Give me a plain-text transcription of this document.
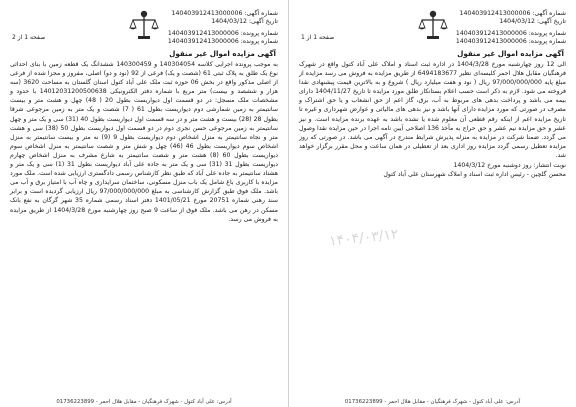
شماره آگهی: 140403912413000006
تاریخ آگهی: 1404/03/12
شماره پرونده: 140403912413000006
شماره پرونده: 140403912413000006
صفحه 1 از 1
آگهی مزایده اموال غیر منقول
الی 12 روز چهارشنبه مورخ 1404/3/28 در اداره ثبت اسناد و املاک علی آباد کتول واقع در شهرک فرهنگیان مقابل هلال احمر کلیسه‌ای نظیر 6494183677 از طریق مزایده به فروش می رسد مزایده از مبلغ پایه 97/000/000/000 ریال ( نود و هفت میلیارد ریال ) شروع و به بالاترین قیمت پیشنهادی نقدا فروخته می شود. لازم به ذکر است حسب اعلام بستانکار طلق مورد مزایده تا تاریخ 1404/11/27 دارای بیمه می باشد و پرداخت بدهی های مربوط به آب، برق، گاز اعم از حق انشعاب و یا حق اشتراک و مصرف در صورتی که مورد مزایده دارای آنها باشد و نیز بدهی های مالیاتی و عوارض شهرداری و غیره تا تاریخ مزایده اعم از اینکه رقم قطعی آن معلوم شده یا نشده باشد به عهده برنده مزایده است. و نیز عشر و حق مزایده نیم عشر و حق حراج به مأخذ 136 اصلاحی آیین نامه اجرا در حین مزایده نقدا وصول می گردد. ضمنا شرکت در مزایده به منزله پذیرش شرایط مندرج در آگهی می باشد. در صورتی که روز مزایده تعطیل رسمی گردد مزایده روز اداری بعد از تعطیلی در همان ساعت و محل مقرر برگزار خواهد شد.
نوبت انتشار: روز دوشنبه مورخ 1404/3/12
محسن گلچین - رئیس اداره ثبت اسناد و املاک شهرستان علی آباد کتول
۱۴۰۴/۰۳/۱۲
آدرس: علی آباد کتول - شهرک فرهنگیان - مقابل هلال احمر - 01736223899
شماره آگهی: 140403912413000006
تاریخ آگهی: 1404/03/12
شماره پرونده: 140403912413000006
شماره پرونده: 140403912413000006
صفحه 1 از 2
آگهی مزایده اموال غیر منقول
به موجب پرونده اجرایی کلاسه 140304054 و 140300459 ششدانگ یک قطعه زمین با بنای احداثی نوع یک طلق به پلاک ثبتی 61 (شصت و یک) فرعی از 92 (نود و دو) اصلی، مفروز و مجزا شده از فرعی از اصلی مذکور واقع در بخش 06 حوزه ثبت ملک علی آباد کتول استان گلستان به مساحت 3620 (سه هزار و ششصد و بیست) متر مربع با شماره دفتر الکترونیکی 14012031200500638 با حدود و مشخصات ملک مسجل: در دو قسمت اول دیواریست بطول 20 ( 48) چهل و هشت متر و بیست سانتیمتر به زمین شمارشی دوم دیواریست بطول 61 ( 7) شصت و یک متر به زمین مرجوعی شرقا بطول 28 (28) بیست و هشت متر و در سه قسمت اول دیواریست بطول 40 (31) سی و یک متر و چهل سانتیمتر به زمین مرجوعی حسن نجری دوم در دو قسمت اول دیواریست بطول 50 (38) سی و هشت متر و نجاه سانتیمتر به منزل اشخاص دوم دیواریست بطول 9 (9) نه متر و بیست سانتیمتر به منزل اشخاص سوم دیواریست بطول 46 (46) چهل و شش متر و شصت سانتیمتر به منزل اشخاص سوم دیواریست بطول 60 (8) هشت متر و شصت سانتیمتر به شارع مشرف به منزل اشخاص چهارم دیواریست بطول 31 (31) سی و یک متر به جاده علی آباد دیواریست بطول 31 (1) سی و یک متر و هشتاد سانتیمتر به جاده علی آباد که طبق نظر کارشناس رسمی دادگستری ارزیابی شده است. ملک مورد مزایده با کاربری باغ شامل یک باب منزل مسکونی، ساختمان سرایداری و چاه آب با امتیاز برق و آب می باشد. ملک فوق طبق گزارش کارشناسی به مبلغ 97/000/000/000 ریال ارزیابی گردیده است و برابر سند رهنی شماره 20751 مورخ 1401/05/21 دفتر اسناد رسمی شماره 35 شهر گرگان به نفع بانک مسکن در رهن می باشد. ملک فوق از ساعت 9 صبح روز چهارشنبه مورخ 1404/3/28 از طریق مزایده به فروش می رسد.
آدرس: علی آباد کتول - شهرک فرهنگیان - مقابل هلال احمر - 01736223899
